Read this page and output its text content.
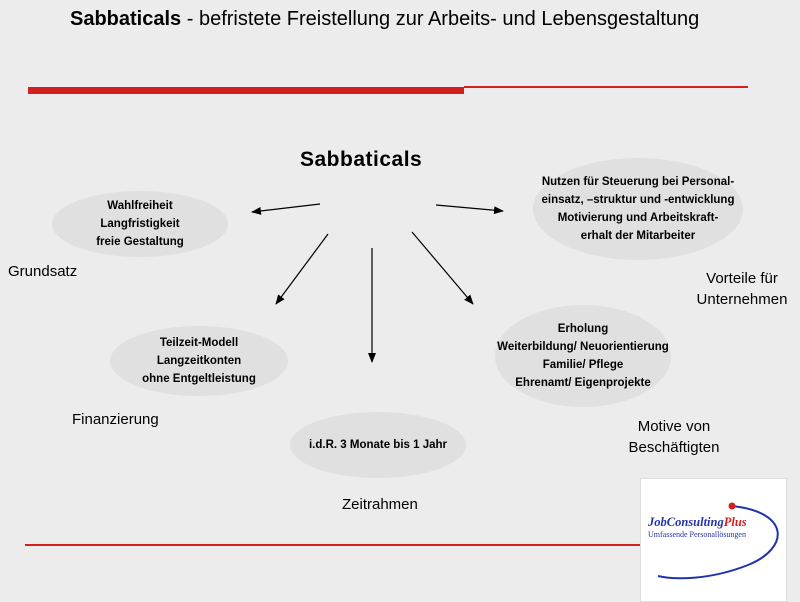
Sabbaticals - befristete Freistellung zur Arbeits- und Lebensgestaltung
Sabbaticals
Wahlfreiheit
Langfristigkeit
freie Gestaltung
Grundsatz
Nutzen für Steuerung bei Personal-
einsatz, –struktur und -entwicklung
Motivierung und Arbeitskraft-
erhalt der Mitarbeiter
Vorteile für
Unternehmen
Teilzeit-Modell
Langzeitkonten
ohne Entgeltleistung
Finanzierung
i.d.R. 3 Monate bis 1 Jahr
Zeitrahmen
Erholung
Weiterbildung/ Neuorientierung
Familie/ Pflege
Ehrenamt/ Eigenprojekte
Motive von
Beschäftigten
JobConsultingPlus
Umfassende Personallösungen
